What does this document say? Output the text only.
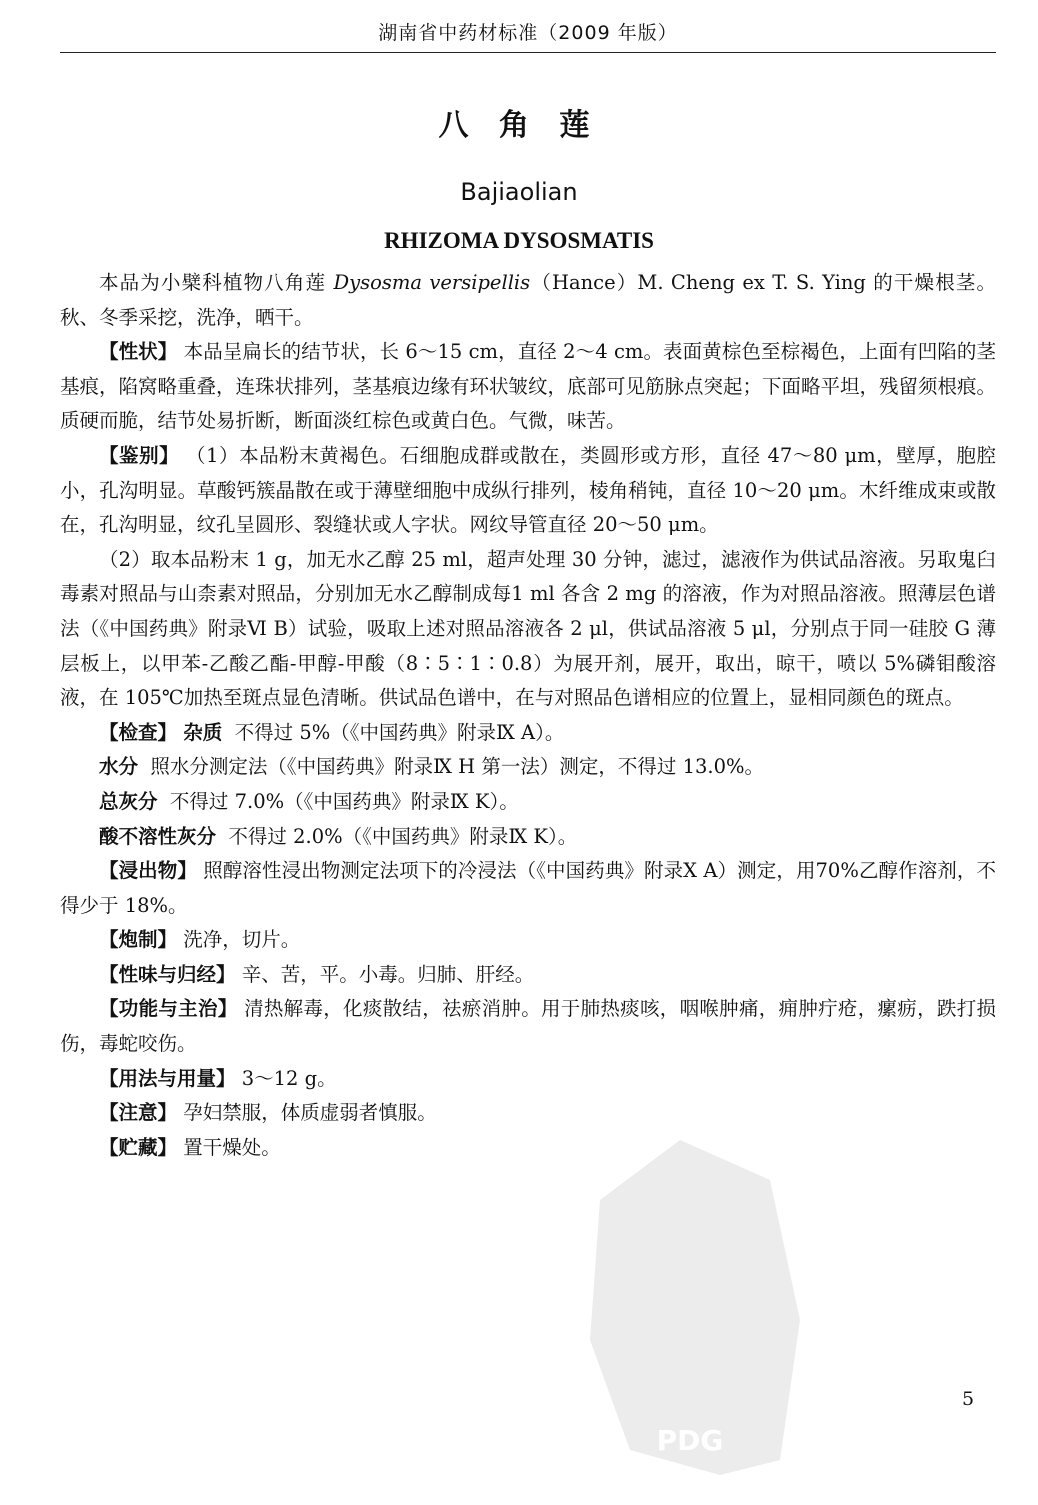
湖南省中药材标准（2009 年版）
八 角 莲
Bajiaolian
RHIZOMA DYSOSMATIS

本品为小檗科植物八角莲 Dysosma versipellis（Hance）M. Cheng ex T. S. Ying 的干燥根茎。秋、冬季采挖，洗净，晒干。

【性状】 本品呈扁长的结节状，长 6～15 cm，直径 2～4 cm。表面黄棕色至棕褐色，上面有凹陷的茎基痕，陷窝略重叠，连珠状排列，茎基痕边缘有环状皱纹，底部可见筋脉点突起；下面略平坦，残留须根痕。质硬而脆，结节处易折断，断面淡红棕色或黄白色。气微，味苦。

【鉴别】 （1）本品粉末黄褐色。石细胞成群或散在，类圆形或方形，直径 47～80 μm，壁厚，胞腔小，孔沟明显。草酸钙簇晶散在或于薄壁细胞中成纵行排列，棱角稍钝，直径 10～20 μm。木纤维成束或散在，孔沟明显，纹孔呈圆形、裂缝状或人字状。网纹导管直径 20～50 μm。

（2）取本品粉末 1 g，加无水乙醇 25 ml，超声处理 30 分钟，滤过，滤液作为供试品溶液。另取鬼臼毒素对照品与山柰素对照品，分别加无水乙醇制成每1 ml 各含 2 mg 的溶液，作为对照品溶液。照薄层色谱法（《中国药典》附录Ⅵ B）试验，吸取上述对照品溶液各 2 μl，供试品溶液 5 μl，分别点于同一硅胶 G 薄层板上，以甲苯-乙酸乙酯-甲醇-甲酸（8∶5∶1∶0.8）为展开剂，展开，取出，晾干，喷以 5%磷钼酸溶液，在 105℃加热至斑点显色清晰。供试品色谱中，在与对照品色谱相应的位置上，显相同颜色的斑点。

【检查】 杂质 不得过 5%（《中国药典》附录Ⅸ A）。

水分 照水分测定法（《中国药典》附录Ⅸ H 第一法）测定，不得过 13.0%。

总灰分 不得过 7.0%（《中国药典》附录Ⅸ K）。

酸不溶性灰分 不得过 2.0%（《中国药典》附录Ⅸ K）。

【浸出物】 照醇溶性浸出物测定法项下的冷浸法（《中国药典》附录Ⅹ A）测定，用70%乙醇作溶剂，不得少于 18%。

【炮制】 洗净，切片。

【性味与归经】 辛、苦，平。小毒。归肺、肝经。

【功能与主治】 清热解毒，化痰散结，祛瘀消肿。用于肺热痰咳，咽喉肿痛，痈肿疔疮，瘰疬，跌打损伤，毒蛇咬伤。

【用法与用量】 3～12 g。

【注意】 孕妇禁服，体质虚弱者慎服。

【贮藏】 置干燥处。

PDG
5
